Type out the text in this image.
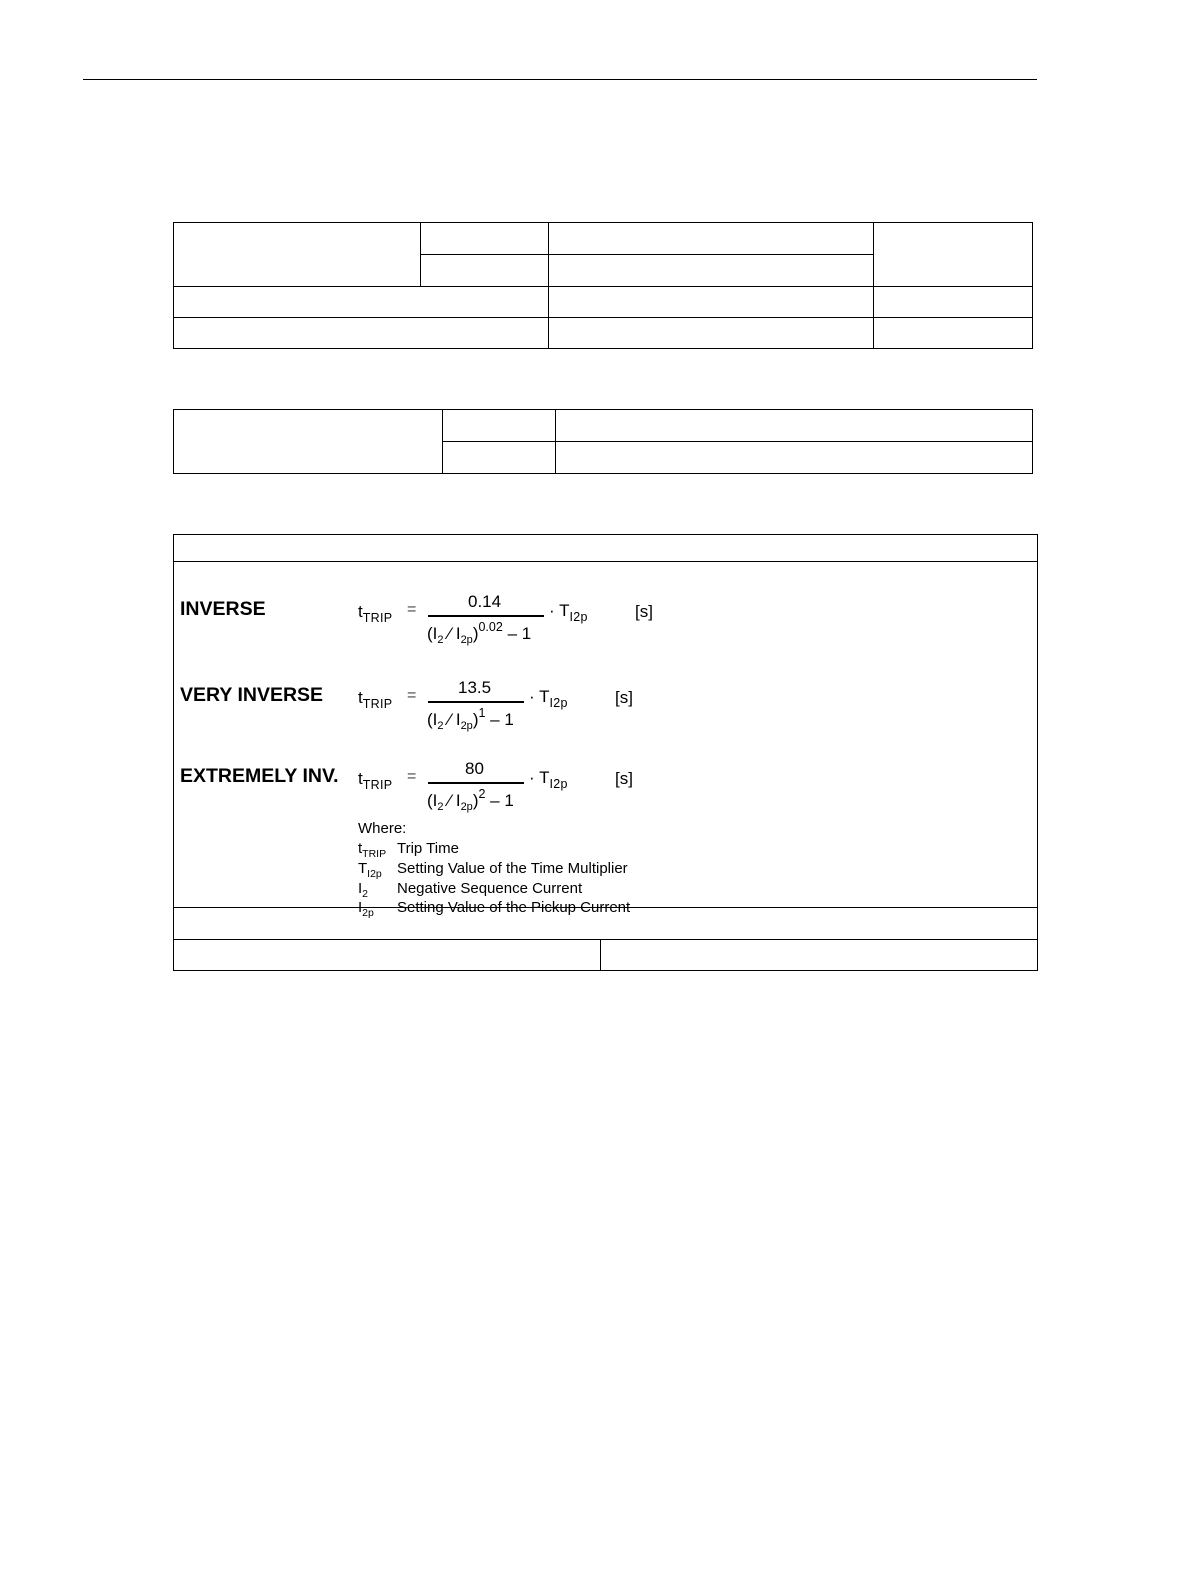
INVERSE	$t_{TRIP}$ =	0.14
($I_2$ ⁄ $I_{2p})^{0.02} - 1$
· $T_{I2p}$	[s]
VERY INVERSE $t_{TRIP} = 13.5$
($I_2$ ⁄ $I_{2p})^1 - 1$
· $T_{I2p}$	[s]
EXTREMELY INV. $t_{TRIP}$ =	80
($I_2$ ⁄ $I_{2p})^2 - 1$
· $T_{I2p}$	[s]
Where:
$t_{TRIP}$ Trip Time
$T_{I2p}$ Setting Value of the Time Multiplier
$I_2$ Negative Sequence Current
$I_{2p}$ Setting Value of the Pickup Current
